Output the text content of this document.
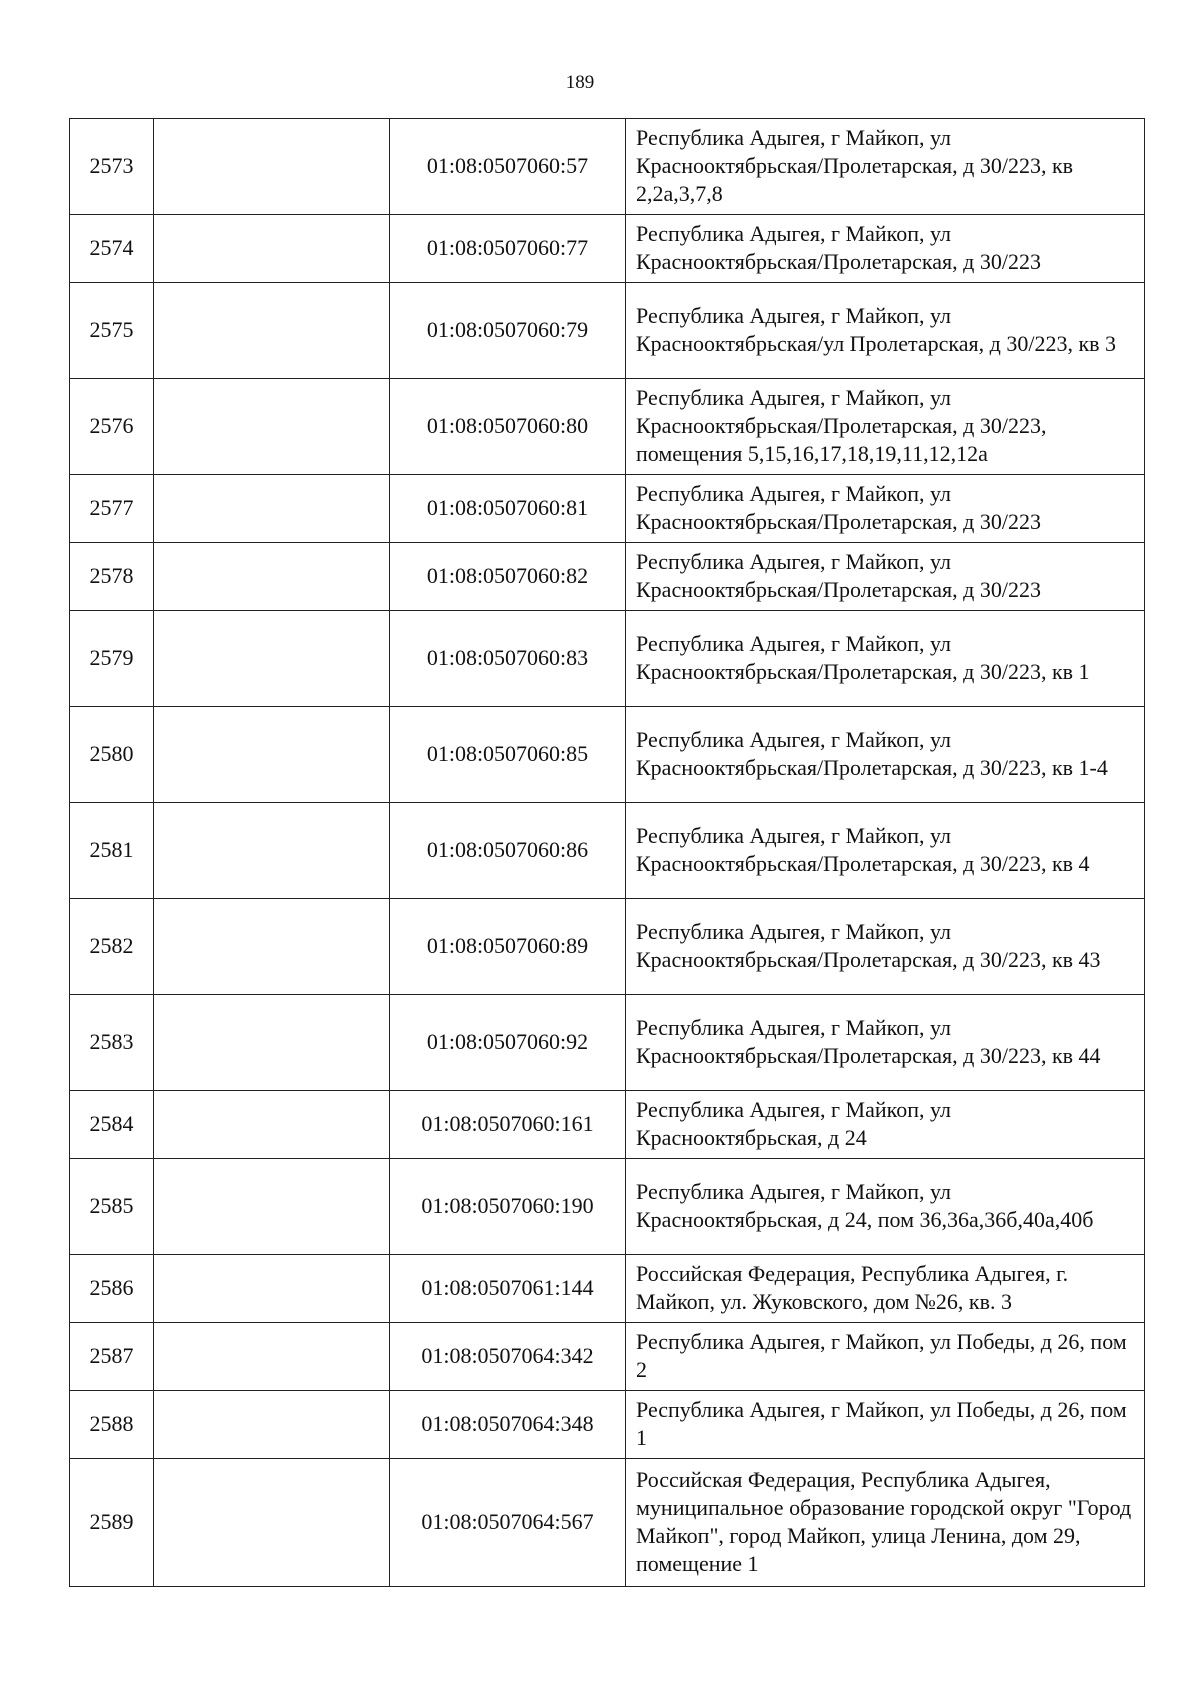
189
2573		01:08:0507060:57	Республика Адыгея, г Майкоп, ул Краснооктябрьская/Пролетарская, д 30/223, кв 2,2а,3,7,8
2574		01:08:0507060:77	Республика Адыгея, г Майкоп, ул Краснооктябрьская/Пролетарская, д 30/223
2575		01:08:0507060:79	Республика Адыгея, г Майкоп, ул Краснооктябрьская/ул Пролетарская, д 30/223, кв 3
2576		01:08:0507060:80	Республика Адыгея, г Майкоп, ул Краснооктябрьская/Пролетарская, д 30/223, помещения 5,15,16,17,18,19,11,12,12а
2577		01:08:0507060:81	Республика Адыгея, г Майкоп, ул Краснооктябрьская/Пролетарская, д 30/223
2578		01:08:0507060:82	Республика Адыгея, г Майкоп, ул Краснооктябрьская/Пролетарская, д 30/223
2579		01:08:0507060:83	Республика Адыгея, г Майкоп, ул Краснооктябрьская/Пролетарская, д 30/223, кв 1
2580		01:08:0507060:85	Республика Адыгея, г Майкоп, ул Краснооктябрьская/Пролетарская, д 30/223, кв 1-4
2581		01:08:0507060:86	Республика Адыгея, г Майкоп, ул Краснооктябрьская/Пролетарская, д 30/223, кв 4
2582		01:08:0507060:89	Республика Адыгея, г Майкоп, ул Краснооктябрьская/Пролетарская, д 30/223, кв 43
2583		01:08:0507060:92	Республика Адыгея, г Майкоп, ул Краснооктябрьская/Пролетарская, д 30/223, кв 44
2584		01:08:0507060:161	Республика Адыгея, г Майкоп, ул Краснооктябрьская, д 24
2585		01:08:0507060:190	Республика Адыгея, г Майкоп, ул Краснооктябрьская, д 24, пом 36,36а,36б,40а,40б
2586		01:08:0507061:144	Российская Федерация, Республика Адыгея, г. Майкоп, ул. Жуковского, дом №26, кв. 3
2587		01:08:0507064:342	Республика Адыгея, г Майкоп, ул Победы, д 26, пом 2
2588		01:08:0507064:348	Республика Адыгея, г Майкоп, ул Победы, д 26, пом 1
2589		01:08:0507064:567	Российская Федерация, Республика Адыгея, муниципальное образование городской округ "Город Майкоп", город Майкоп, улица Ленина, дом 29, помещение 1
